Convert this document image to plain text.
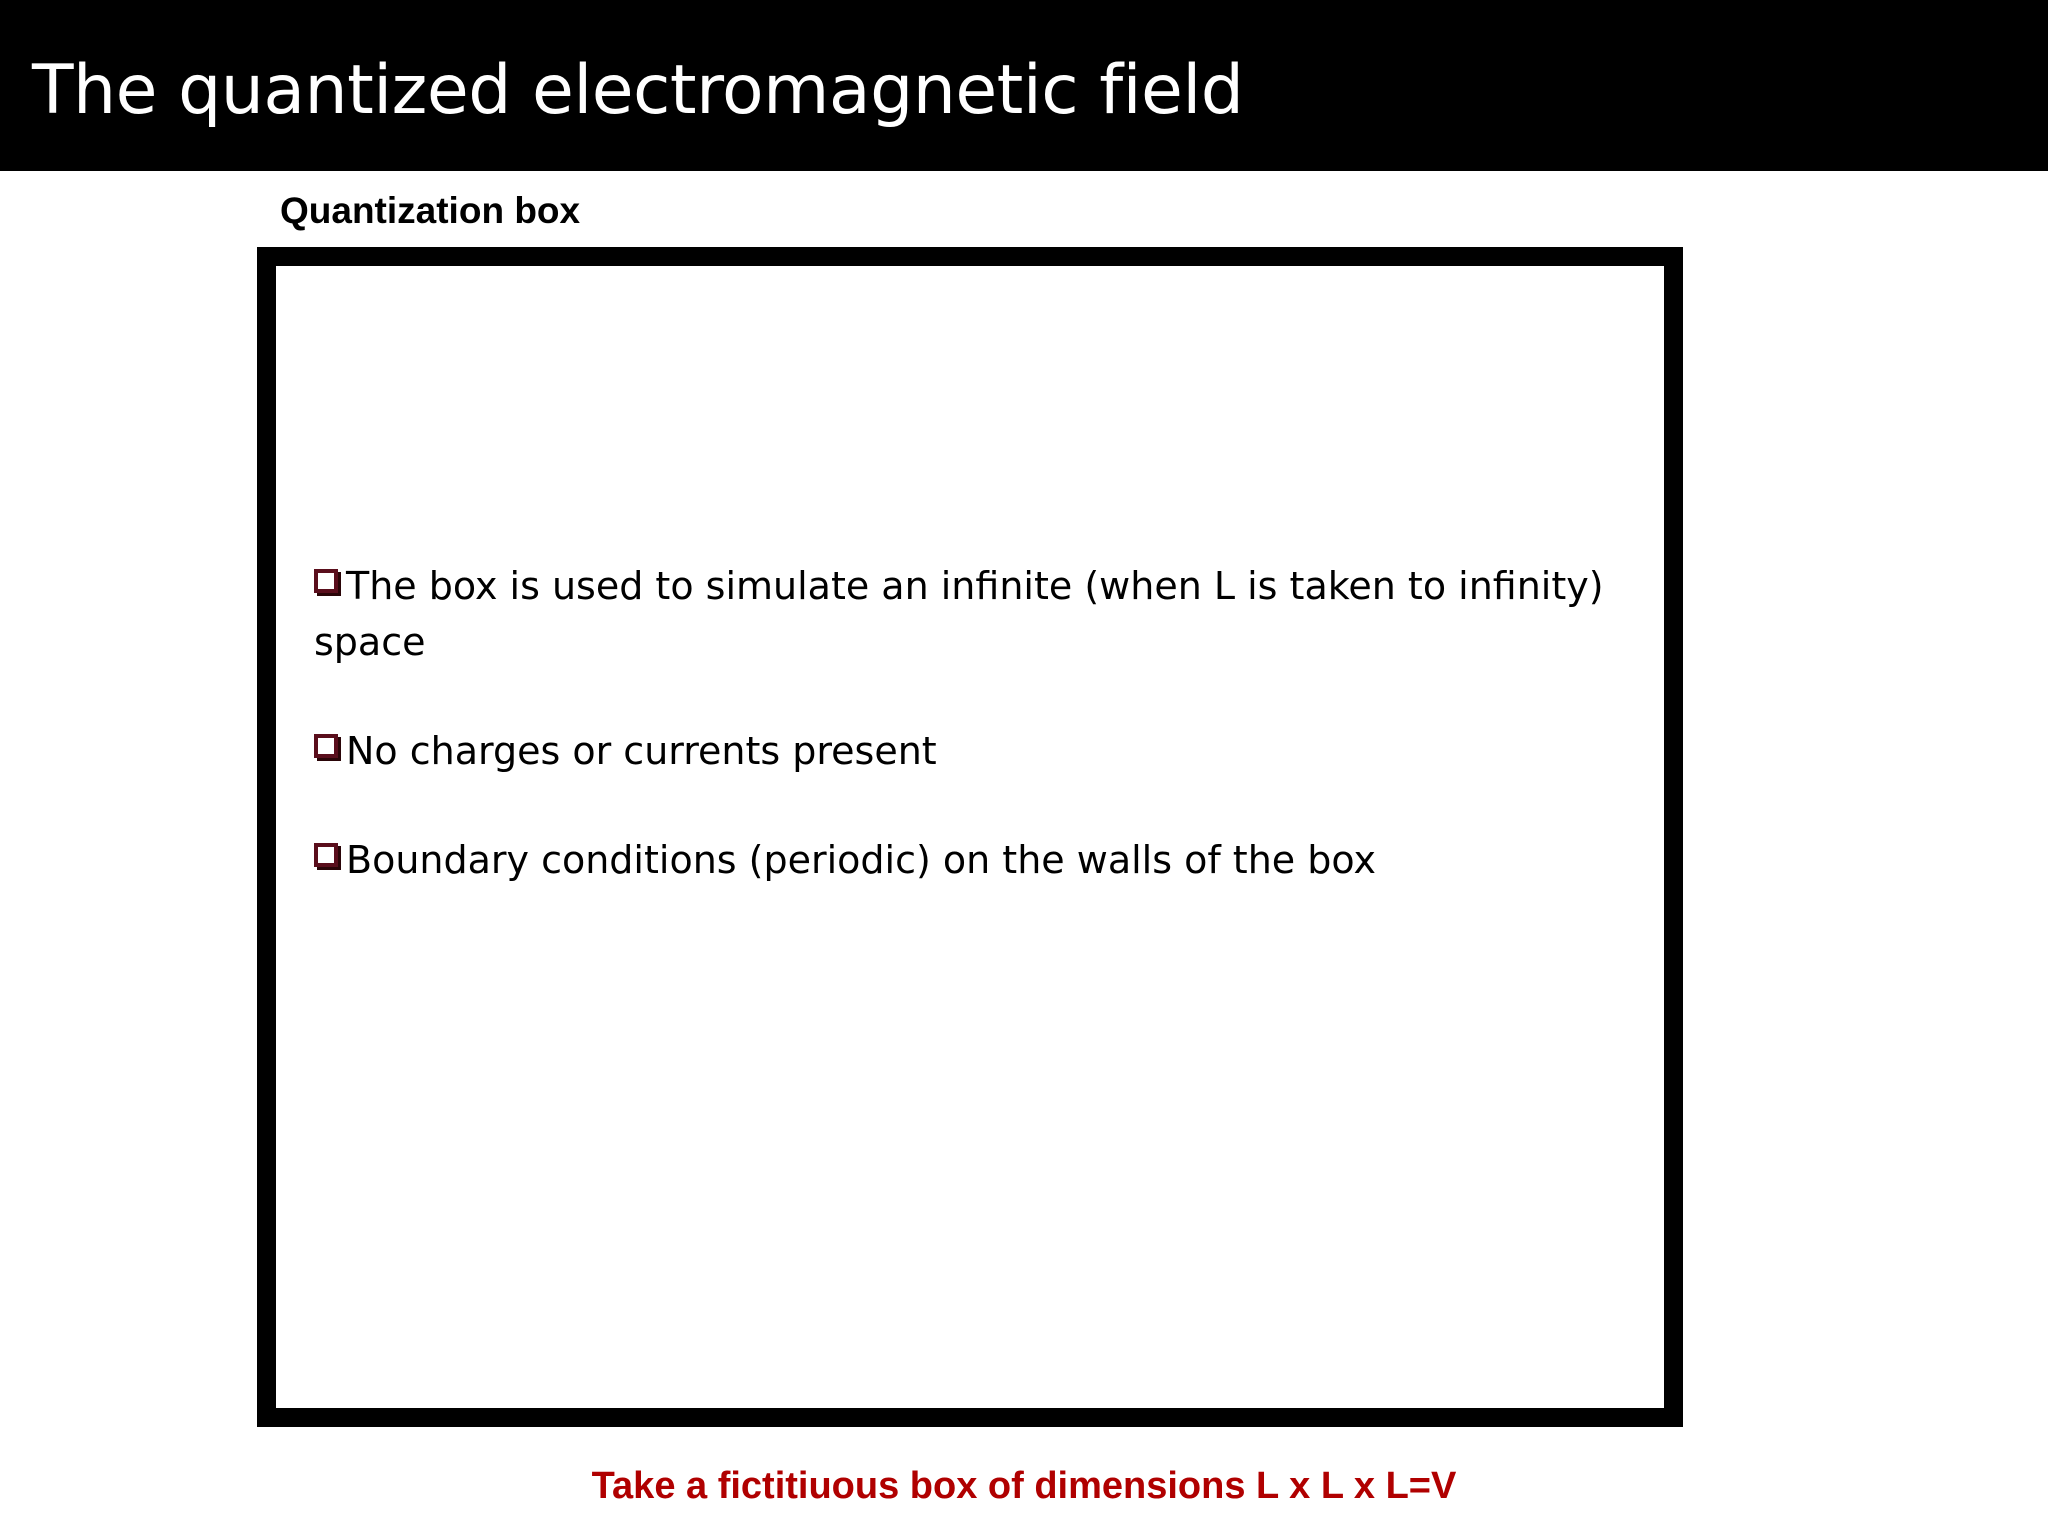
The quantized electromagnetic field
Quantization box
The box is used to simulate an infinite (when L is taken to infinity) space
No charges or currents present
Boundary conditions (periodic) on the walls of the box
Take a fictitiuous box of dimensions L x L x L=V
